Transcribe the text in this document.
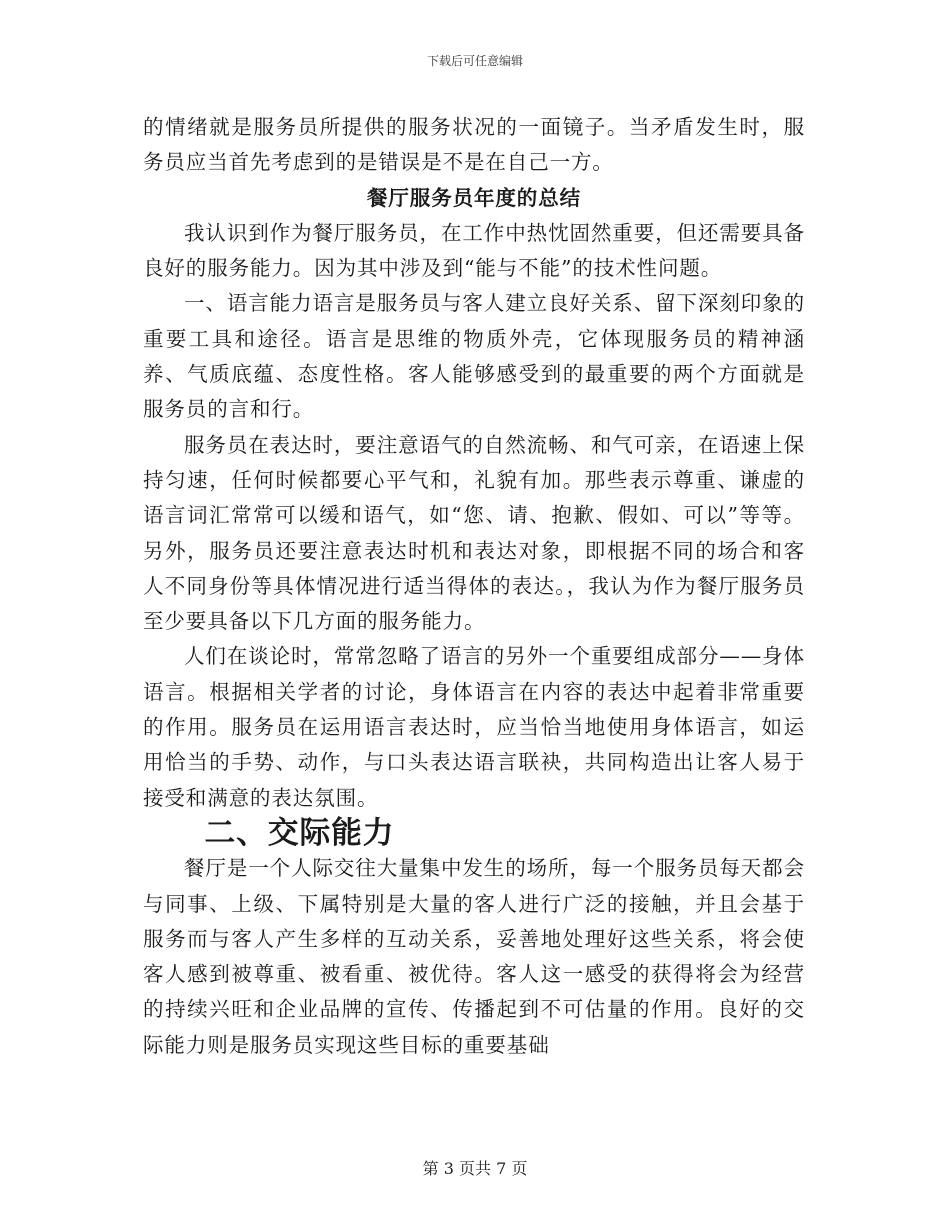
下载后可任意编辑

的情绪就是服务员所提供的服务状况的一面镜子。当矛盾发生时，服务员应当首先考虑到的是错误是不是在自己一方。

餐厅服务员年度的总结

我认识到作为餐厅服务员，在工作中热忱固然重要，但还需要具备良好的服务能力。因为其中涉及到“能与不能”的技术性问题。

一、语言能力语言是服务员与客人建立良好关系、留下深刻印象的重要工具和途径。语言是思维的物质外壳，它体现服务员的精神涵养、气质底蕴、态度性格。客人能够感受到的最重要的两个方面就是服务员的言和行。

服务员在表达时，要注意语气的自然流畅、和气可亲，在语速上保持匀速，任何时候都要心平气和，礼貌有加。那些表示尊重、谦虚的语言词汇常常可以缓和语气，如“您、请、抱歉、假如、可以”等等。另外，服务员还要注意表达时机和表达对象，即根据不同的场合和客人不同身份等具体情况进行适当得体的表达。，我认为作为餐厅服务员至少要具备以下几方面的服务能力。

人们在谈论时，常常忽略了语言的另外一个重要组成部分——身体语言。根据相关学者的讨论，身体语言在内容的表达中起着非常重要的作用。服务员在运用语言表达时，应当恰当地使用身体语言，如运用恰当的手势、动作，与口头表达语言联袂，共同构造出让客人易于接受和满意的表达氛围。

二、交际能力

餐厅是一个人际交往大量集中发生的场所，每一个服务员每天都会与同事、上级、下属特别是大量的客人进行广泛的接触，并且会基于服务而与客人产生多样的互动关系，妥善地处理好这些关系，将会使客人感到被尊重、被看重、被优待。客人这一感受的获得将会为经营的持续兴旺和企业品牌的宣传、传播起到不可估量的作用。良好的交际能力则是服务员实现这些目标的重要基础

第 3 页共 7 页
